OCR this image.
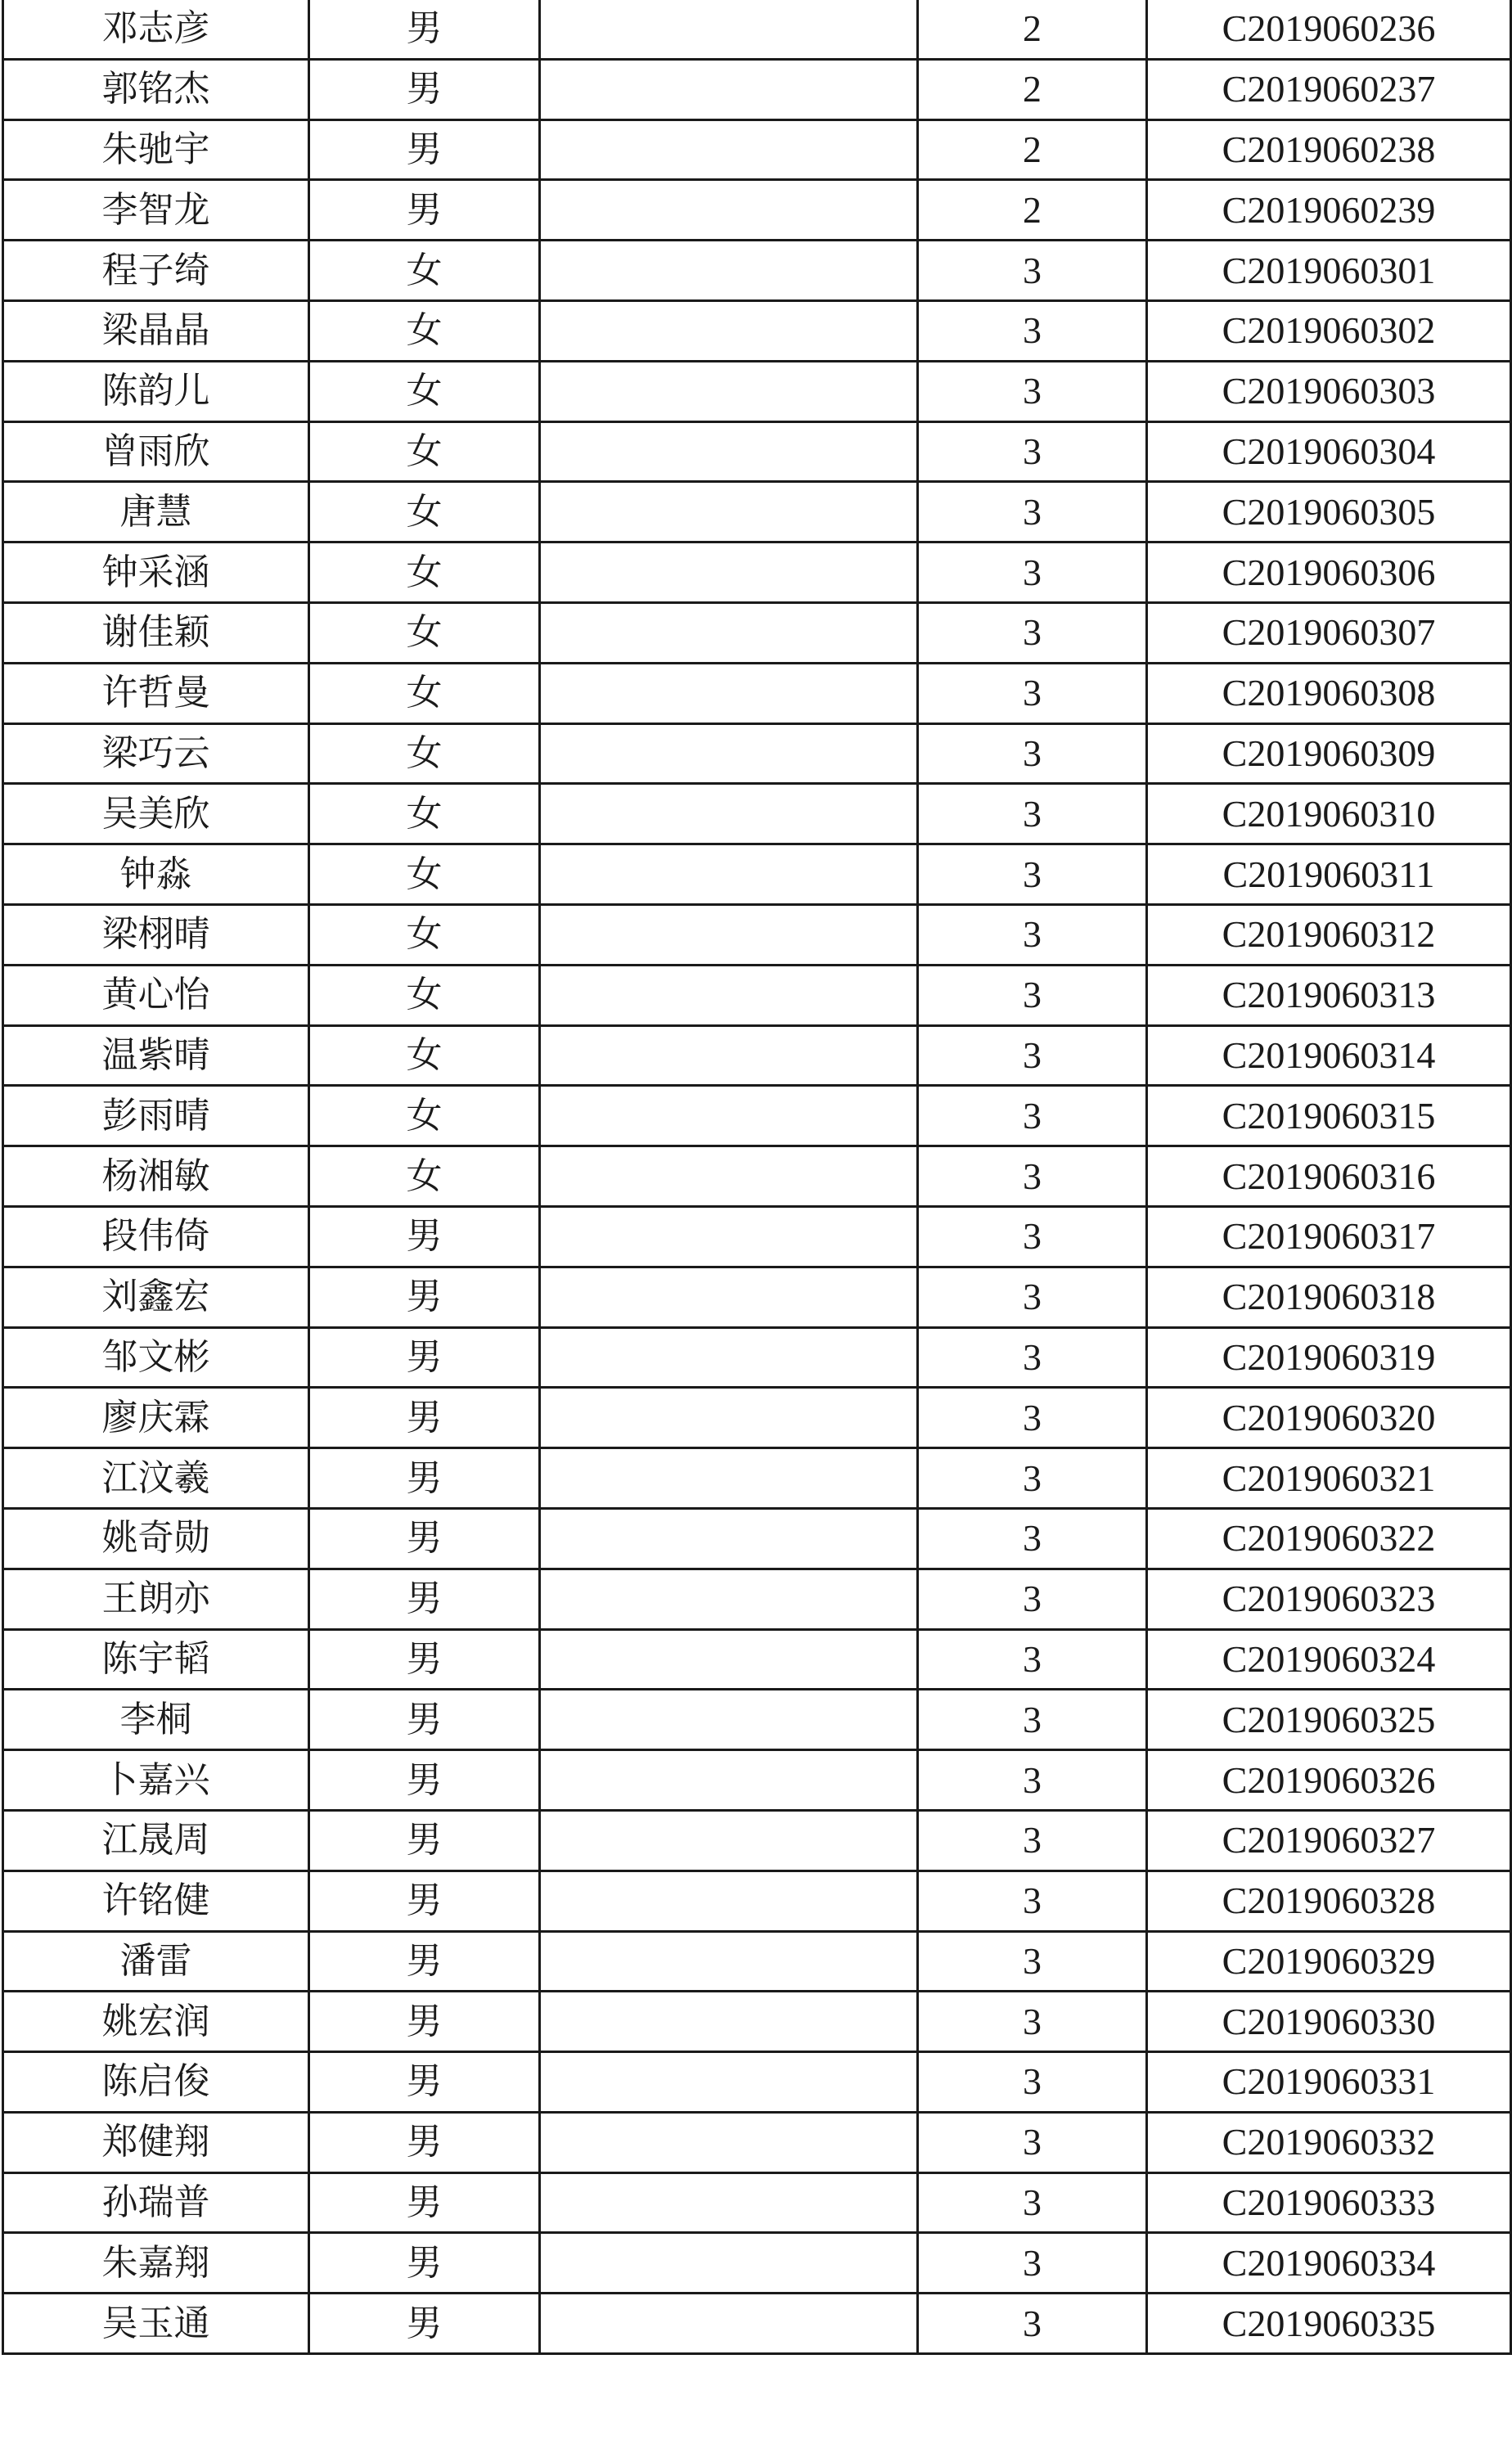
邓志彦	男		2	C2019060236
郭铭杰	男		2	C2019060237
朱驰宇	男		2	C2019060238
李智龙	男		2	C2019060239
程子绮	女		3	C2019060301
梁晶晶	女		3	C2019060302
陈韵儿	女		3	C2019060303
曾雨欣	女		3	C2019060304
唐慧	女		3	C2019060305
钟采涵	女		3	C2019060306
谢佳颖	女		3	C2019060307
许哲曼	女		3	C2019060308
梁巧云	女		3	C2019060309
吴美欣	女		3	C2019060310
钟淼	女		3	C2019060311
梁栩晴	女		3	C2019060312
黄心怡	女		3	C2019060313
温紫晴	女		3	C2019060314
彭雨晴	女		3	C2019060315
杨湘敏	女		3	C2019060316
段伟倚	男		3	C2019060317
刘鑫宏	男		3	C2019060318
邹文彬	男		3	C2019060319
廖庆霖	男		3	C2019060320
江汶羲	男		3	C2019060321
姚奇勋	男		3	C2019060322
王朗亦	男		3	C2019060323
陈宇韬	男		3	C2019060324
李桐	男		3	C2019060325
卜嘉兴	男		3	C2019060326
江晟周	男		3	C2019060327
许铭健	男		3	C2019060328
潘雷	男		3	C2019060329
姚宏润	男		3	C2019060330
陈启俊	男		3	C2019060331
郑健翔	男		3	C2019060332
孙瑞普	男		3	C2019060333
朱嘉翔	男		3	C2019060334
吴玉通	男		3	C2019060335
